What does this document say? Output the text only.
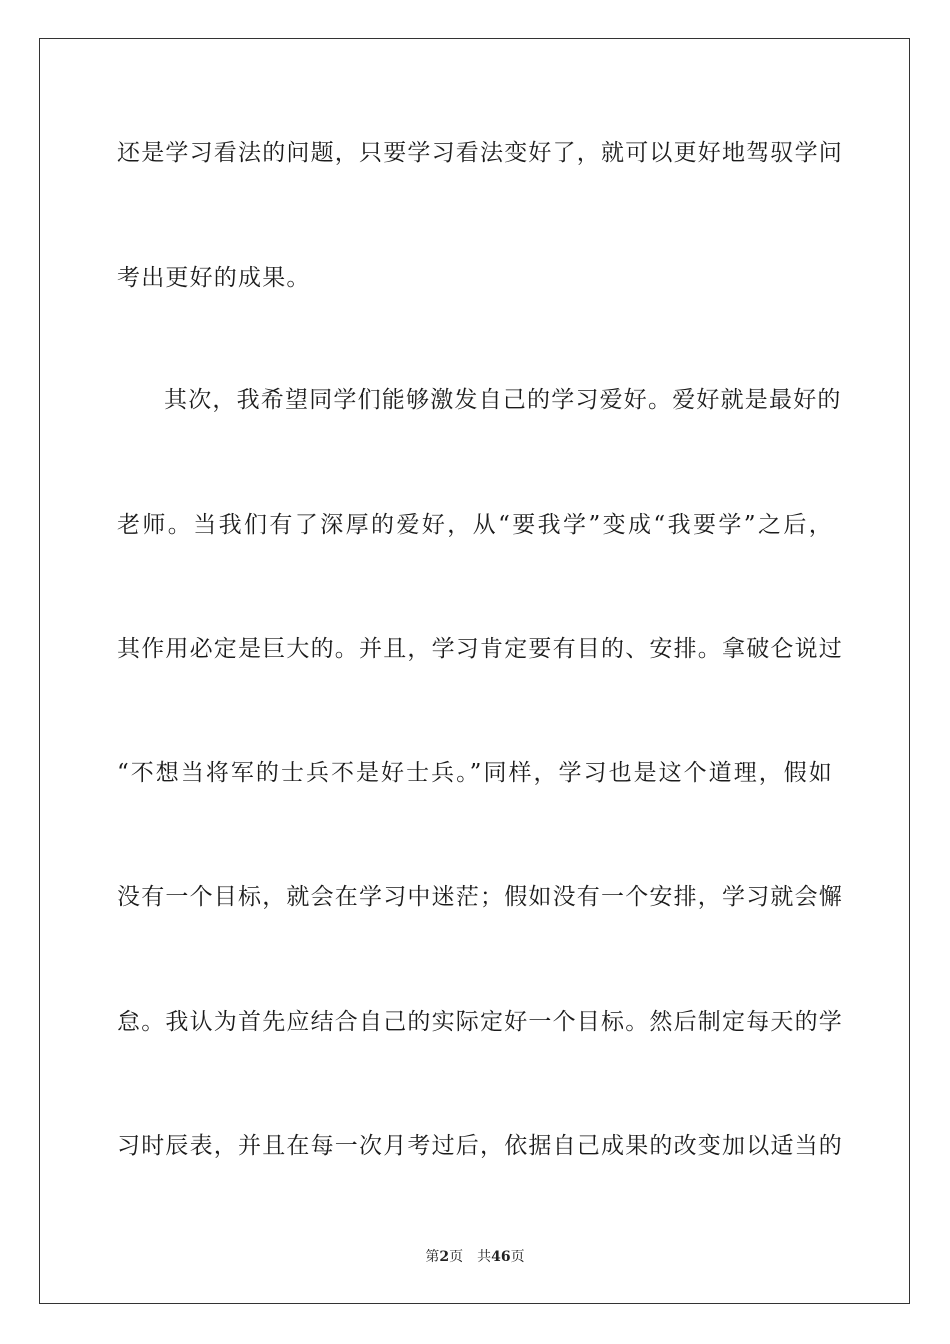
还是学习看法的问题，只要学习看法变好了，就可以更好地驾驭学问
考出更好的成果。
其次，我希望同学们能够激发自己的学习爱好。爱好就是最好的
老师。当我们有了深厚的爱好，从“要我学”变成“我要学”之后，
其作用必定是巨大的。并且，学习肯定要有目的、安排。拿破仑说过
“不想当将军的士兵不是好士兵。”同样，学习也是这个道理，假如
没有一个目标，就会在学习中迷茫；假如没有一个安排，学习就会懈
怠。我认为首先应结合自己的实际定好一个目标。然后制定每天的学
习时辰表，并且在每一次月考过后，依据自己成果的改变加以适当的
第2页 共46页
